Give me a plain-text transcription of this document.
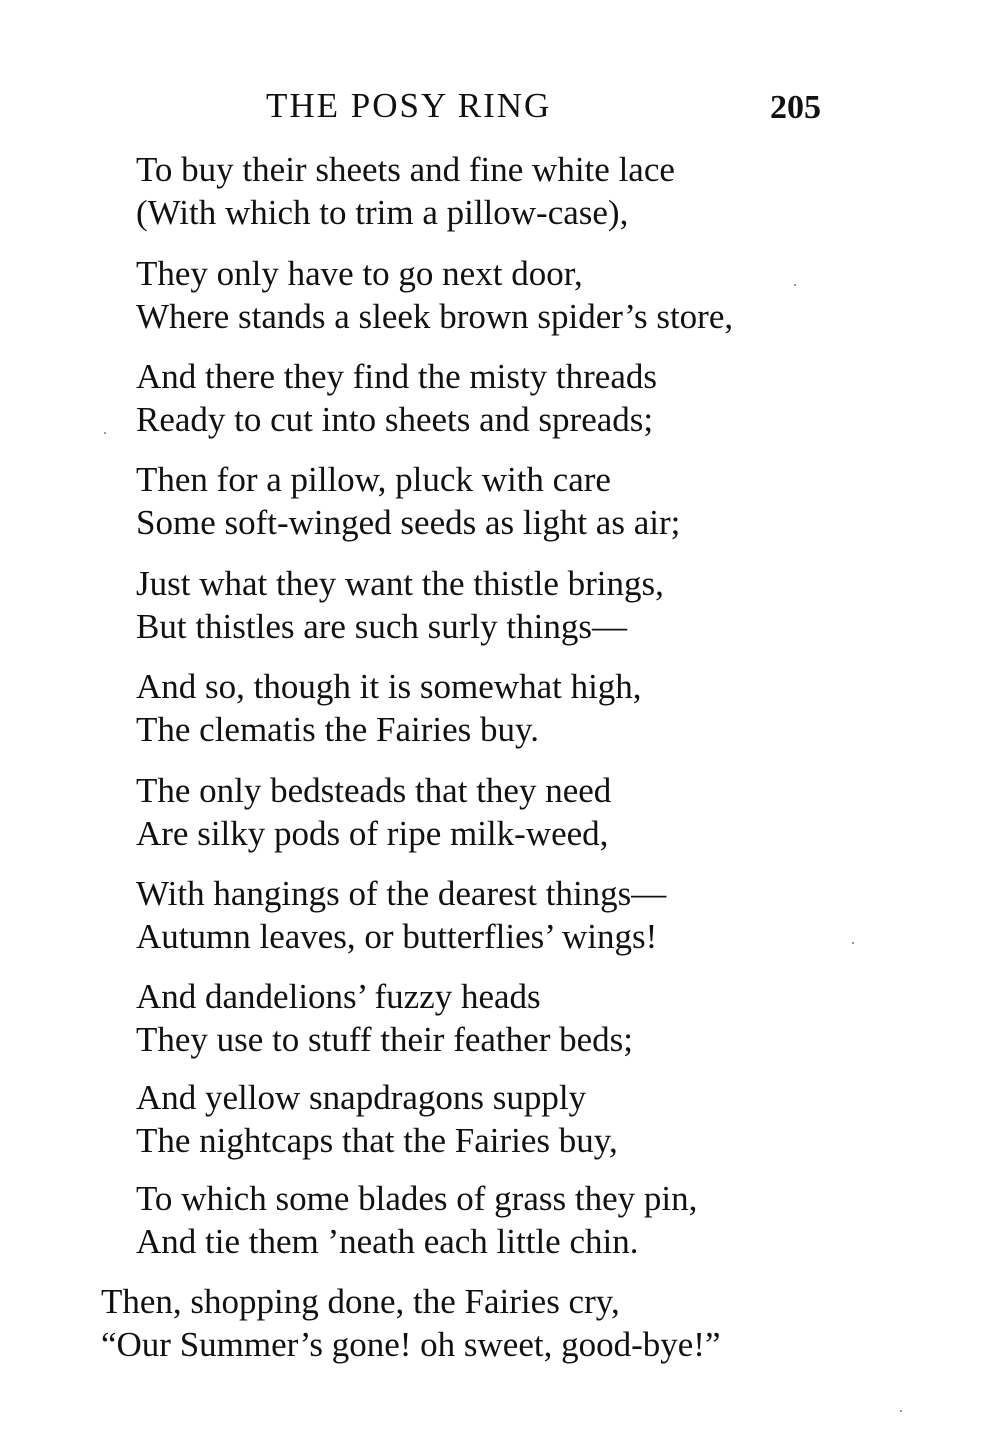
THE POSY RING	205
To buy their sheets and fine white lace
(With which to trim a pillow-case),
They only have to go next door,
Where stands a sleek brown spider’s store,
And there they find the misty threads
Ready to cut into sheets and spreads;
Then for a pillow, pluck with care
Some soft-winged seeds as light as air;
Just what they want the thistle brings,
But thistles are such surly things—
And so, though it is somewhat high,
The clematis the Fairies buy.
The only bedsteads that they need
Are silky pods of ripe milk-weed,
With hangings of the dearest things—
Autumn leaves, or butterflies’ wings!
And dandelions’ fuzzy heads
They use to stuff their feather beds;
And yellow snapdragons supply
The nightcaps that the Fairies buy,
To which some blades of grass they pin,
And tie them ’neath each little chin.
Then, shopping done, the Fairies cry,
“Our Summer’s gone! oh sweet, good-bye!”
